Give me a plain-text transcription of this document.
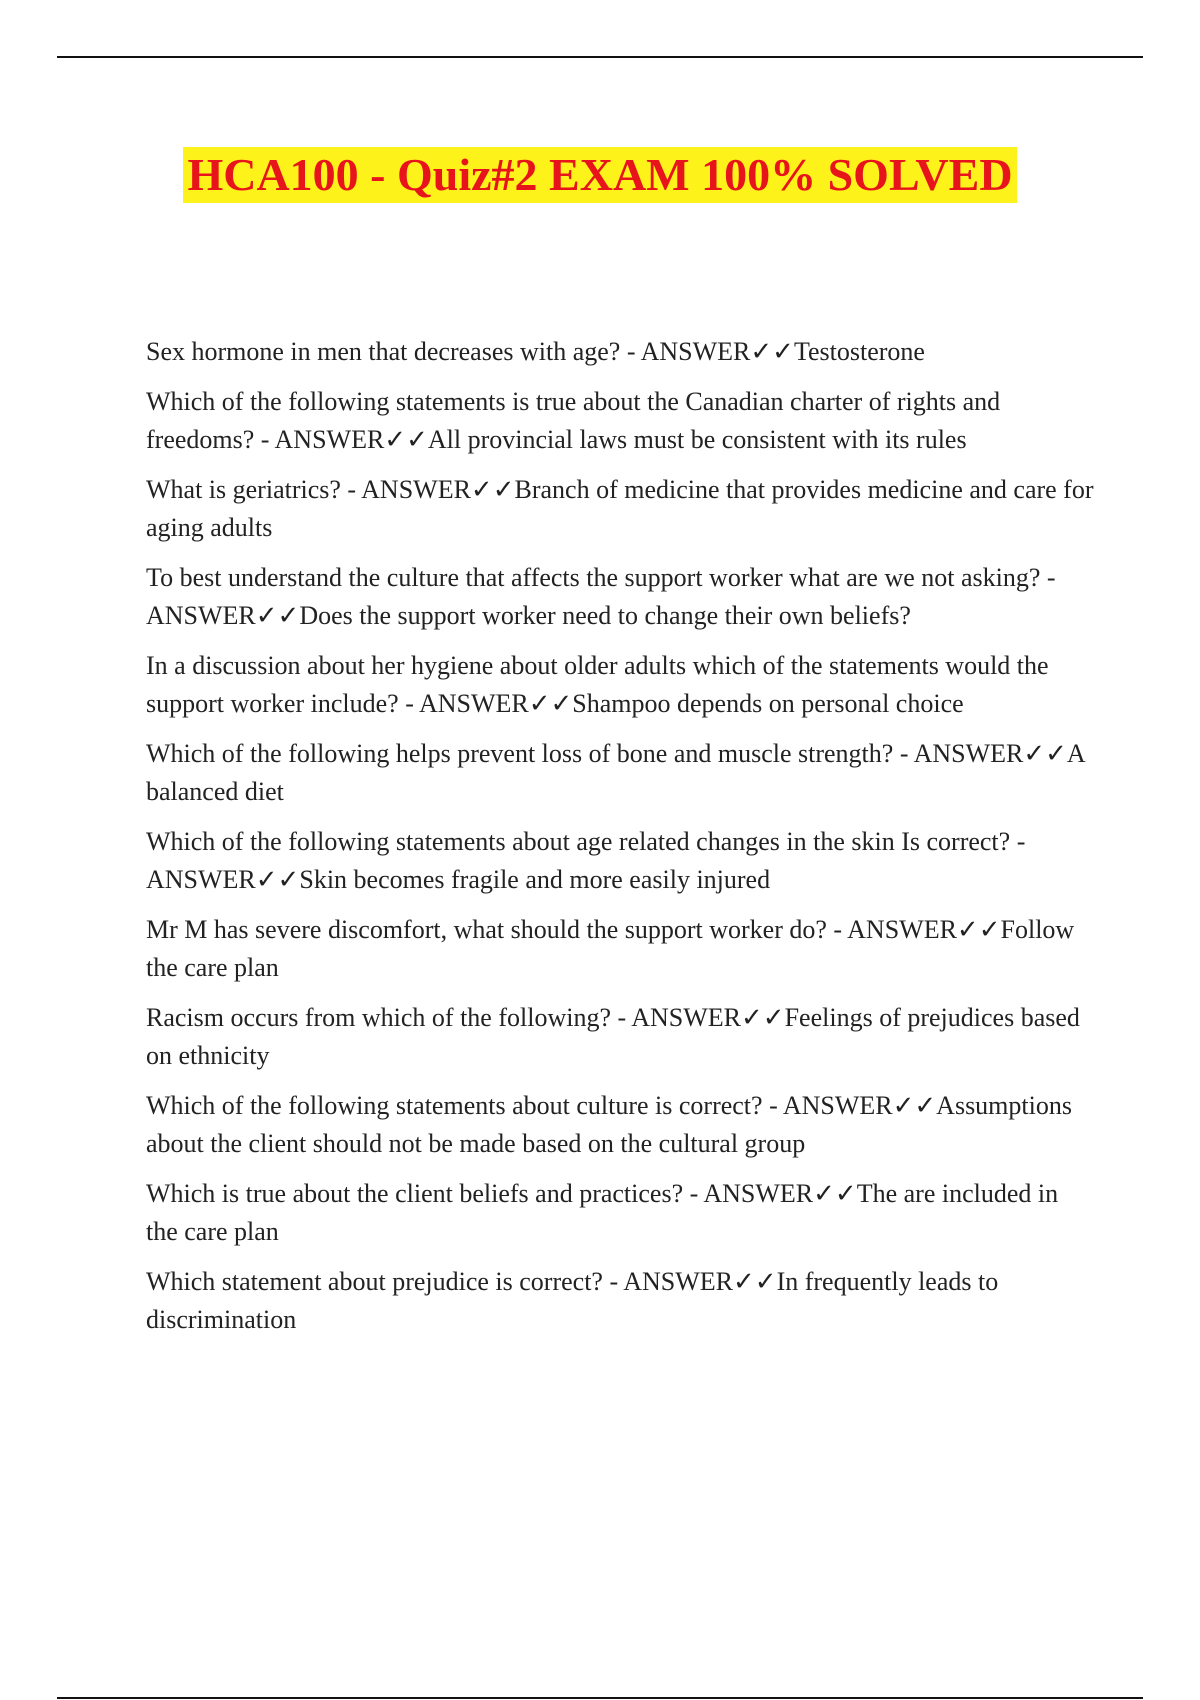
HCA100 - Quiz#2 EXAM 100% SOLVED

Sex hormone in men that decreases with age? - ANSWER✓✓Testosterone

Which of the following statements is true about the Canadian charter of rights and freedoms? - ANSWER✓✓All provincial laws must be consistent with its rules

What is geriatrics? - ANSWER✓✓Branch of medicine that provides medicine and care for aging adults

To best understand the culture that affects the support worker what are we not asking? - ANSWER✓✓Does the support worker need to change their own beliefs?

In a discussion about her hygiene about older adults which of the statements would the support worker include? - ANSWER✓✓Shampoo depends on personal choice

Which of the following helps prevent loss of bone and muscle strength? - ANSWER✓✓A balanced diet

Which of the following statements about age related changes in the skin Is correct? - ANSWER✓✓Skin becomes fragile and more easily injured

Mr M has severe discomfort, what should the support worker do? - ANSWER✓✓Follow the care plan

Racism occurs from which of the following? - ANSWER✓✓Feelings of prejudices based on ethnicity

Which of the following statements about culture is correct? - ANSWER✓✓Assumptions about the client should not be made based on the cultural group

Which is true about the client beliefs and practices? - ANSWER✓✓The are included in the care plan

Which statement about prejudice is correct? - ANSWER✓✓In frequently leads to discrimination
